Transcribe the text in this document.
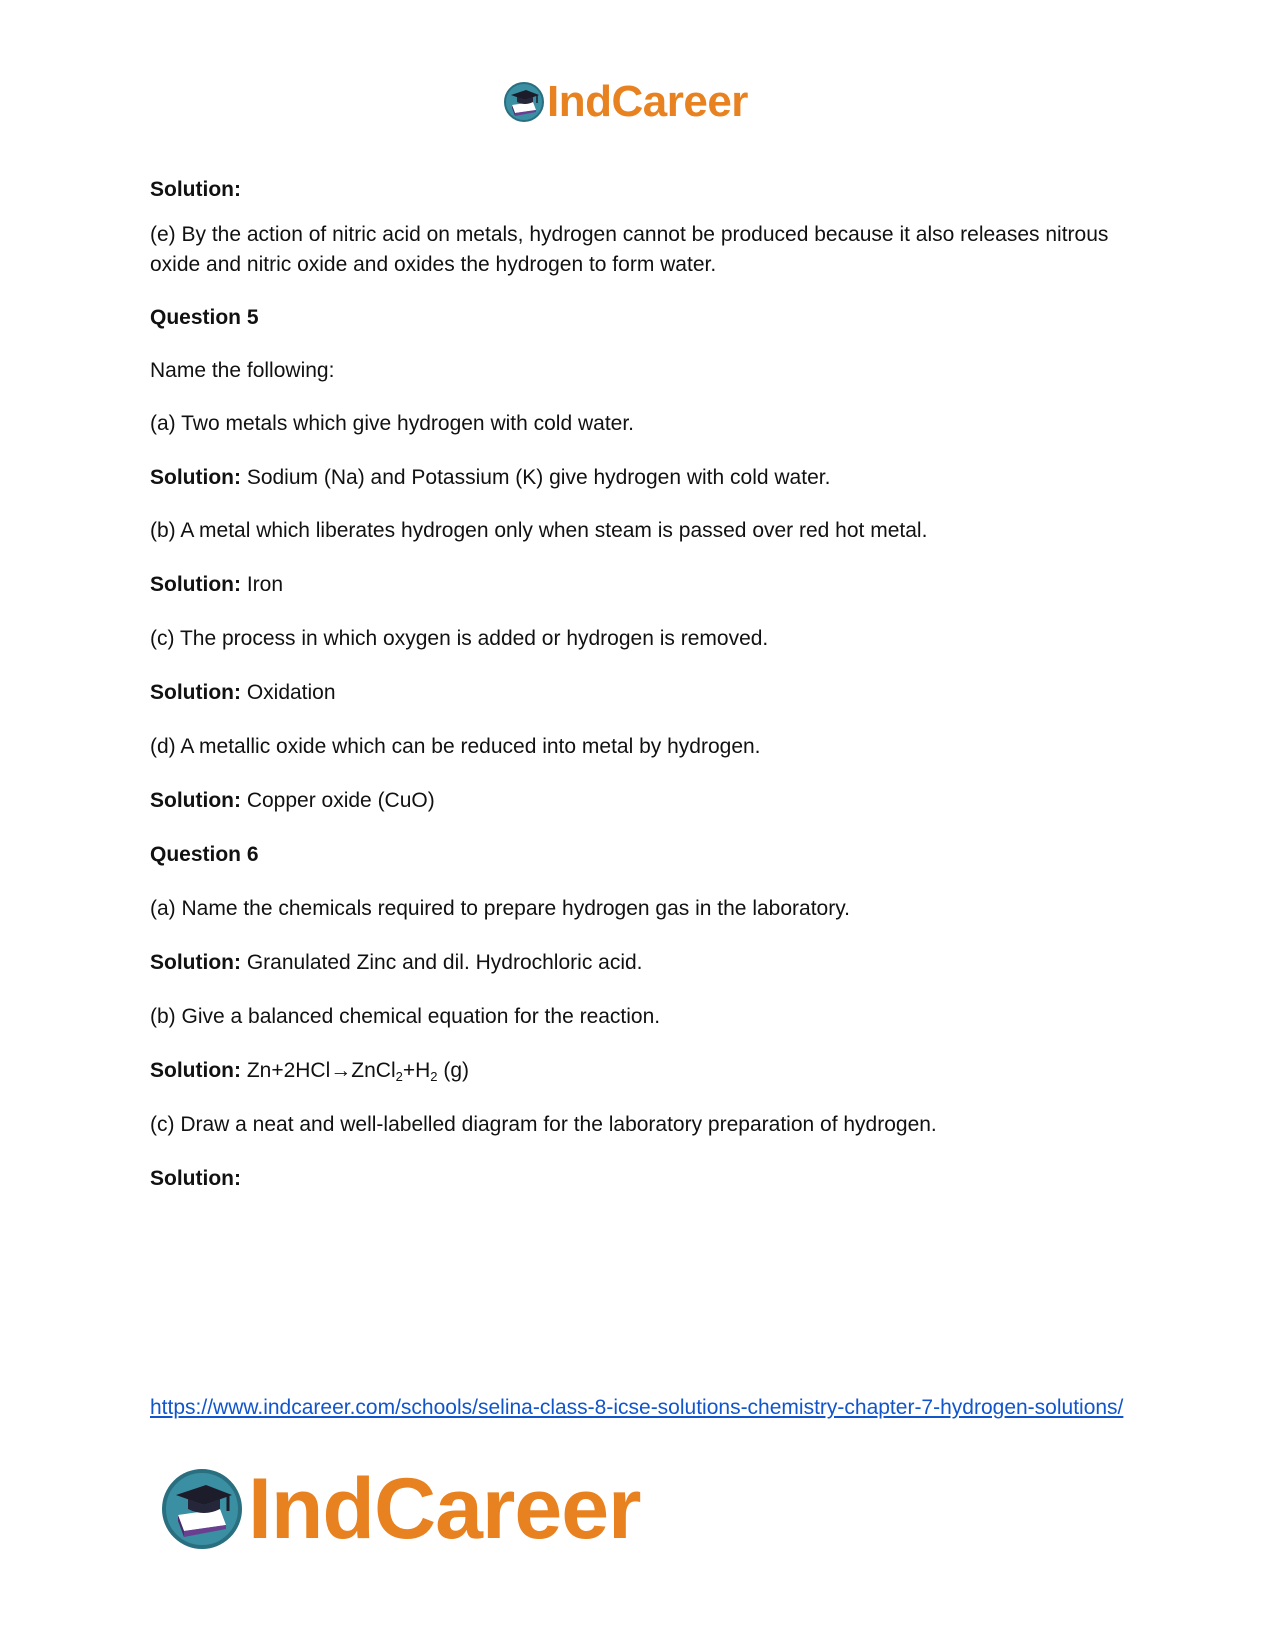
IndCareer
Solution:
(e) By the action of nitric acid on metals, hydrogen cannot be produced because it also releases nitrous oxide and nitric oxide and oxides the hydrogen to form water.
Question 5
Name the following:
(a) Two metals which give hydrogen with cold water.
Solution: Sodium (Na) and Potassium (K) give hydrogen with cold water.
(b) A metal which liberates hydrogen only when steam is passed over red hot metal.
Solution: Iron
(c) The process in which oxygen is added or hydrogen is removed.
Solution: Oxidation
(d) A metallic oxide which can be reduced into metal by hydrogen.
Solution: Copper oxide (CuO)
Question 6
(a) Name the chemicals required to prepare hydrogen gas in the laboratory.
Solution: Granulated Zinc and dil. Hydrochloric acid.
(b) Give a balanced chemical equation for the reaction.
Solution: $Zn+2HCl\to ZnCl_2+H_2$ (g)
(c) Draw a neat and well-labelled diagram for the laboratory preparation of hydrogen.
Solution:
https://www.indcareer.com/schools/selina-class-8-icse-solutions-chemistry-chapter-7-hydrogen-solutions/
IndCareer
